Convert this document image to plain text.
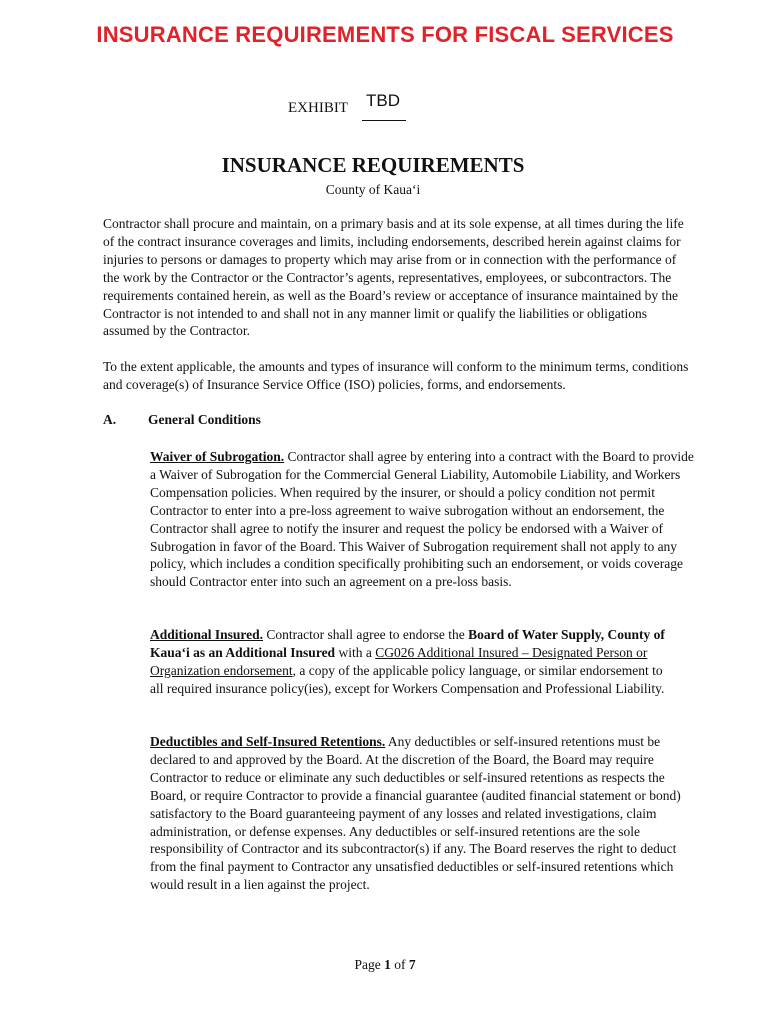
INSURANCE REQUIREMENTS FOR FISCAL SERVICES
EXHIBIT TBD
INSURANCE REQUIREMENTS
County of Kaua‘i

Contractor shall procure and maintain, on a primary basis and at its sole expense, at all times during the life of the contract insurance coverages and limits, including endorsements, described herein against claims for injuries to persons or damages to property which may arise from or in connection with the performance of the work by the Contractor or the Contractor’s agents, representatives, employees, or subcontractors. The requirements contained herein, as well as the Board’s review or acceptance of insurance maintained by the Contractor is not intended to and shall not in any manner limit or qualify the liabilities or obligations assumed by the Contractor.

To the extent applicable, the amounts and types of insurance will conform to the minimum terms, conditions and coverage(s) of Insurance Service Office (ISO) policies, forms, and endorsements.

A. General Conditions

Waiver of Subrogation. Contractor shall agree by entering into a contract with the Board to provide a Waiver of Subrogation for the Commercial General Liability, Automobile Liability, and Workers Compensation policies. When required by the insurer, or should a policy condition not permit Contractor to enter into a pre-loss agreement to waive subrogation without an endorsement, the Contractor shall agree to notify the insurer and request the policy be endorsed with a Waiver of Subrogation in favor of the Board. This Waiver of Subrogation requirement shall not apply to any policy, which includes a condition specifically prohibiting such an endorsement, or voids coverage should Contractor enter into such an agreement on a pre-loss basis.

Additional Insured. Contractor shall agree to endorse the Board of Water Supply, County of Kaua‘i as an Additional Insured with a CG026 Additional Insured – Designated Person or Organization endorsement, a copy of the applicable policy language, or similar endorsement to all required insurance policy(ies), except for Workers Compensation and Professional Liability.

Deductibles and Self-Insured Retentions. Any deductibles or self-insured retentions must be declared to and approved by the Board. At the discretion of the Board, the Board may require Contractor to reduce or eliminate any such deductibles or self-insured retentions as respects the Board, or require Contractor to provide a financial guarantee (audited financial statement or bond) satisfactory to the Board guaranteeing payment of any losses and related investigations, claim administration, or defense expenses. Any deductibles or self-insured retentions are the sole responsibility of Contractor and its subcontractor(s) if any. The Board reserves the right to deduct from the final payment to Contractor any unsatisfied deductibles or self-insured retentions which would result in a lien against the project.

Page 1 of 7
